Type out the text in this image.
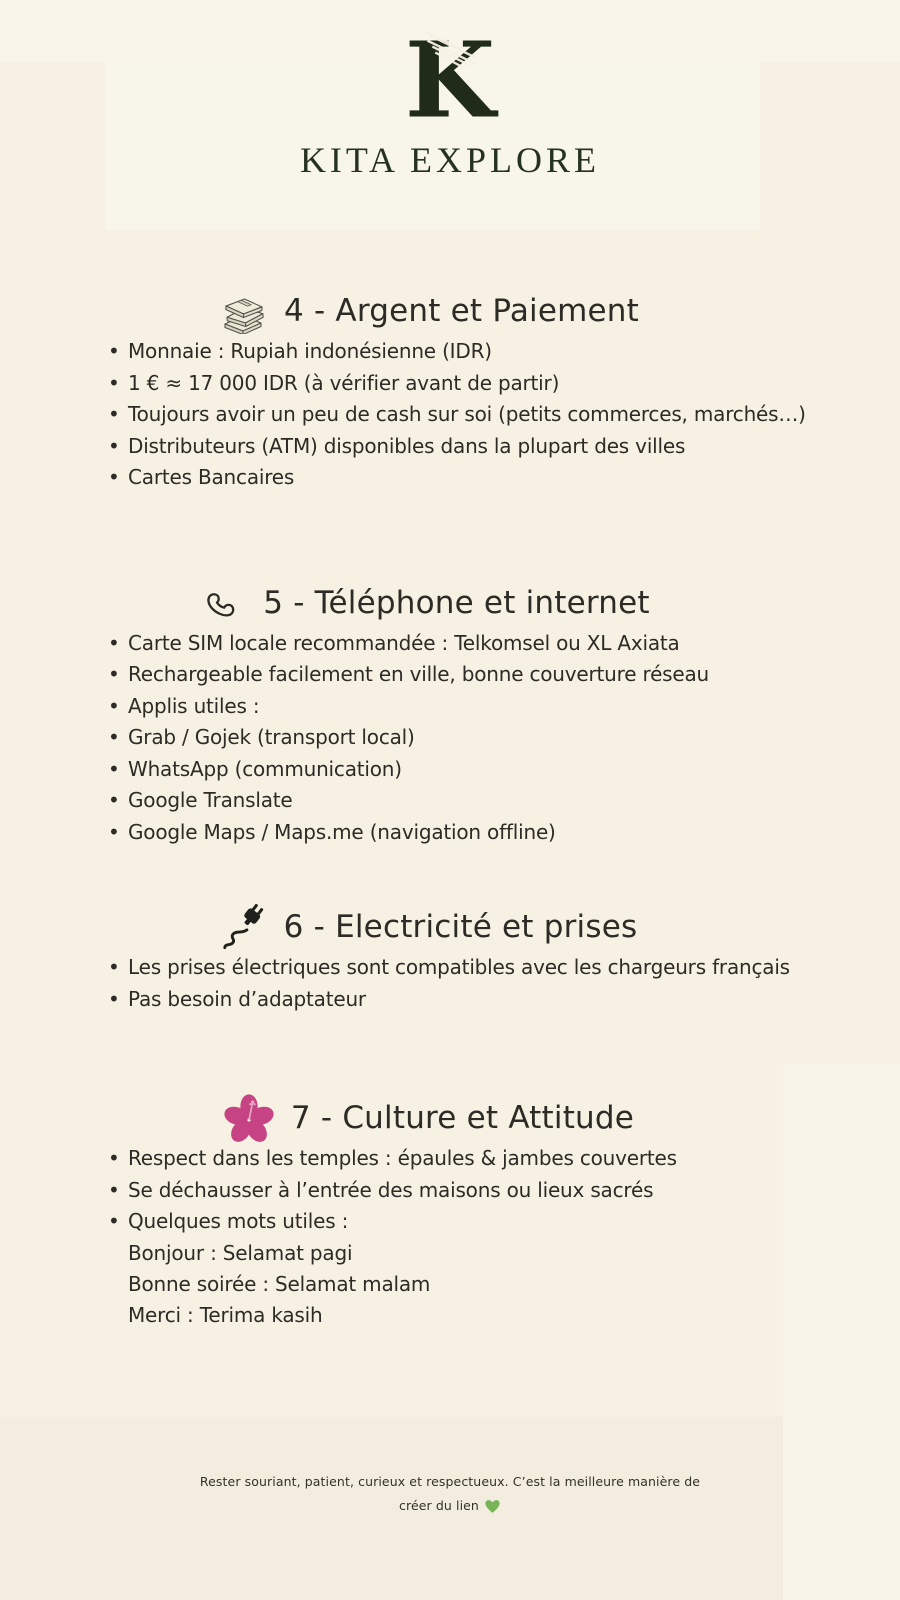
K
KITA EXPLORE
4 - Argent et Paiement
• Monnaie : Rupiah indonésienne (IDR)
• 1 € ≈ 17 000 IDR (à vérifier avant de partir)
• Toujours avoir un peu de cash sur soi (petits commerces, marchés…)
• Distributeurs (ATM) disponibles dans la plupart des villes
• Cartes Bancaires
5 - Téléphone et internet
• Carte SIM locale recommandée : Telkomsel ou XL Axiata
• Rechargeable facilement en ville, bonne couverture réseau
• Applis utiles :
• Grab / Gojek (transport local)
• WhatsApp (communication)
• Google Translate
• Google Maps / Maps.me (navigation offline)
6 - Electricité et prises
• Les prises électriques sont compatibles avec les chargeurs français
• Pas besoin d’adaptateur
7 - Culture et Attitude
• Respect dans les temples : épaules & jambes couvertes
• Se déchausser à l’entrée des maisons ou lieux sacrés
• Quelques mots utiles :
Bonjour : Selamat pagi
Bonne soirée : Selamat malam
Merci : Terima kasih
Rester souriant, patient, curieux et respectueux. C’est la meilleure manière de
créer du lien
